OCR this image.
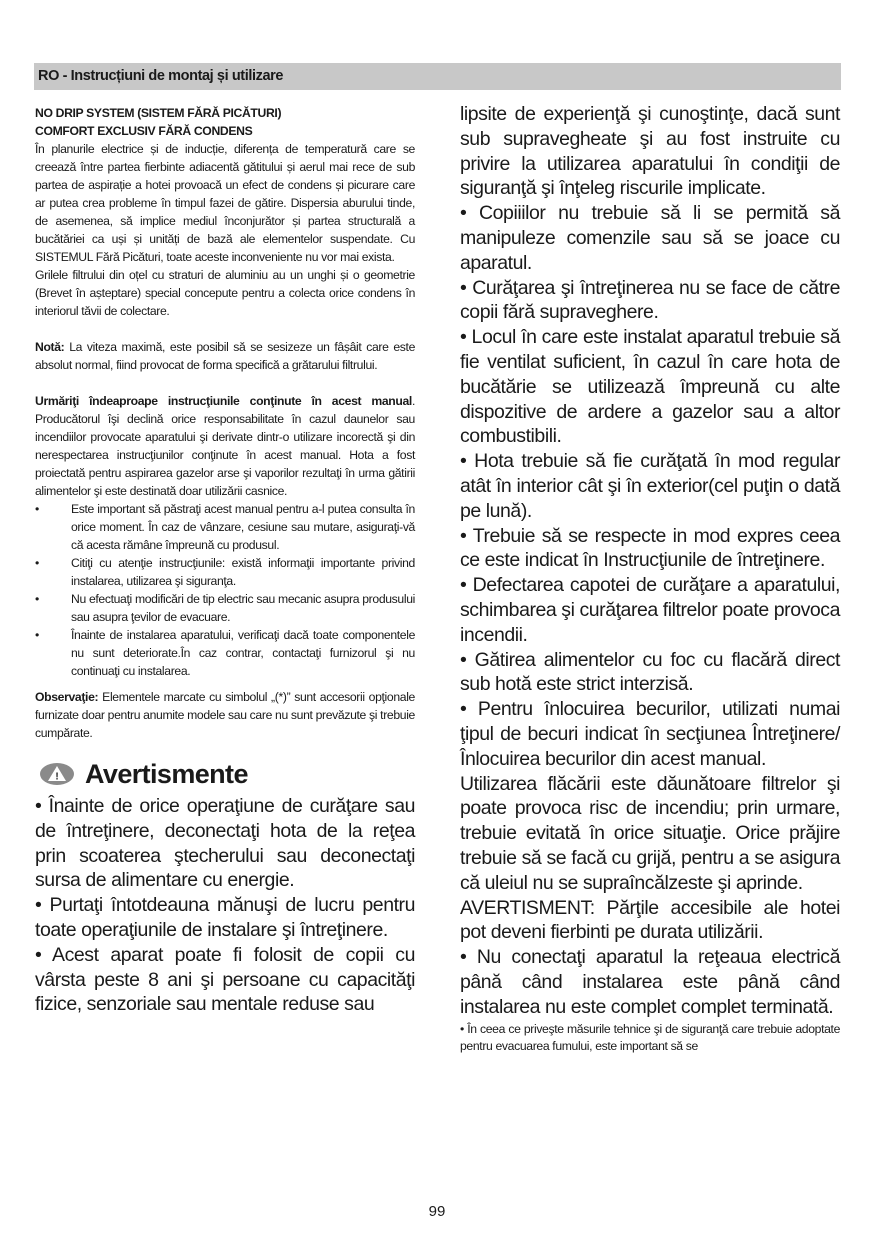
RO - Instrucțiuni de montaj și utilizare

NO DRIP SYSTEM (SISTEM FĂRĂ PICĂTURI)

COMFORT EXCLUSIV FĂRĂ CONDENS

În planurile electrice și de inducție, diferența de temperatură care se creează între partea fierbinte adiacentă gătitului și aerul mai rece de sub partea de aspirație a hotei provoacă un efect de condens și picurare care ar putea crea probleme în timpul fazei de gătire. Dispersia aburului tinde, de asemenea, să implice mediul înconjurător și partea structurală a bucătăriei ca uși și unități de bază ale elementelor suspendate. Cu SISTEMUL Fără Picături, toate aceste inconveniente nu vor mai exista.

Grilele filtrului din oțel cu straturi de aluminiu au un unghi și o geometrie (Brevet în așteptare) special concepute pentru a colecta orice condens în interiorul tăvii de colectare.

Notă: La viteza maximă, este posibil să se sesizeze un fâșâit care este absolut normal, fiind provocat de forma specifică a grătarului filtrului.

Urmăriţi îndeaproape instrucţiunile conţinute în acest manual. Producătorul îşi declină orice responsabilitate în cazul daunelor sau incendiilor provocate aparatului şi derivate dintr-o utilizare incorectă şi din nerespectarea instrucţiunilor conţinute în acest manual. Hota a fost proiectată pentru aspirarea gazelor arse şi vaporilor rezultaţi în urma gătirii alimentelor şi este destinată doar utilizării casnice.

•	Este important să păstraţi acest manual pentru a-l putea consulta în orice moment. În caz de vânzare, cesiune sau mutare, asiguraţi-vă că acesta rămâne împreună cu produsul.
•	Citiţi cu atenţie instrucţiunile: există informaţii importante privind instalarea, utilizarea şi siguranţa.
•	Nu efectuaţi modificări de tip electric sau mecanic asupra produsului sau asupra ţevilor de evacuare.
•	Înainte de instalarea aparatului, verificaţi dacă toate componentele nu sunt deteriorate.În caz contrar, contactaţi furnizorul şi nu continuaţi cu instalarea.

Observaţie: Elementele marcate cu simbolul „(*)” sunt accesorii opţionale furnizate doar pentru anumite modele sau care nu sunt prevăzute şi trebuie cumpărate.

! Avertismente

• Înainte de orice operaţiune de curăţare sau de întreţinere, deconectaţi hota de la reţea prin scoaterea ştecherului sau deconectaţi sursa de alimentare cu energie.

• Purtaţi întotdeauna mănuşi de lucru pentru toate operaţiunile de instalare şi întreţinere.

• Acest aparat poate fi folosit de copii cu vârsta peste 8 ani şi persoane cu capacităţi fizice, senzoriale sau mentale reduse sau

lipsite de experienţă şi cunoştinţe, dacă sunt sub supravegheate şi au fost instruite cu privire la utilizarea aparatului în condiţii de siguranţă şi înţeleg riscurile implicate.

• Copiiilor nu trebuie să li se permită să manipuleze comenzile sau să se joace cu aparatul.

• Curăţarea şi întreţinerea nu se face de către copii fără supraveghere.

• Locul în care este instalat aparatul trebuie să fie ventilat suficient, în cazul în care hota de bucătărie se utilizează împreună cu alte dispozitive de ardere a gazelor sau a altor combustibili.

• Hota trebuie să fie curăţată în mod regular atât în interior cât şi în exterior(cel puţin o dată pe lună).

• Trebuie să se respecte in mod expres ceea ce este indicat în Instrucţiunile de întreţinere.

• Defectarea capotei de curăţare a aparatului, schimbarea şi curăţarea filtrelor poate provoca incendii.

• Gătirea alimentelor cu foc cu flacără direct sub hotă este strict interzisă.

• Pentru înlocuirea becurilor, utilizati numai ţipul de becuri indicat în secţiunea Întreţinere/Înlocuirea becurilor din acest manual.

Utilizarea flăcării este dăunătoare filtrelor şi poate provoca risc de incendiu; prin urmare, trebuie evitată în orice situaţie. Orice prăjire trebuie să se facă cu grijă, pentru a se asigura că uleiul nu se supraîncălzeste şi aprinde.

AVERTISMENT: Părţile accesibile ale hotei pot deveni fierbinti pe durata utilizării.

• Nu conectaţi aparatul la reţeaua electrică până când instalarea este până când instalarea nu este complet complet terminată.

• În ceea ce priveşte măsurile tehnice şi de siguranţă care trebuie adoptate pentru evacuarea fumului, este important să se

99
